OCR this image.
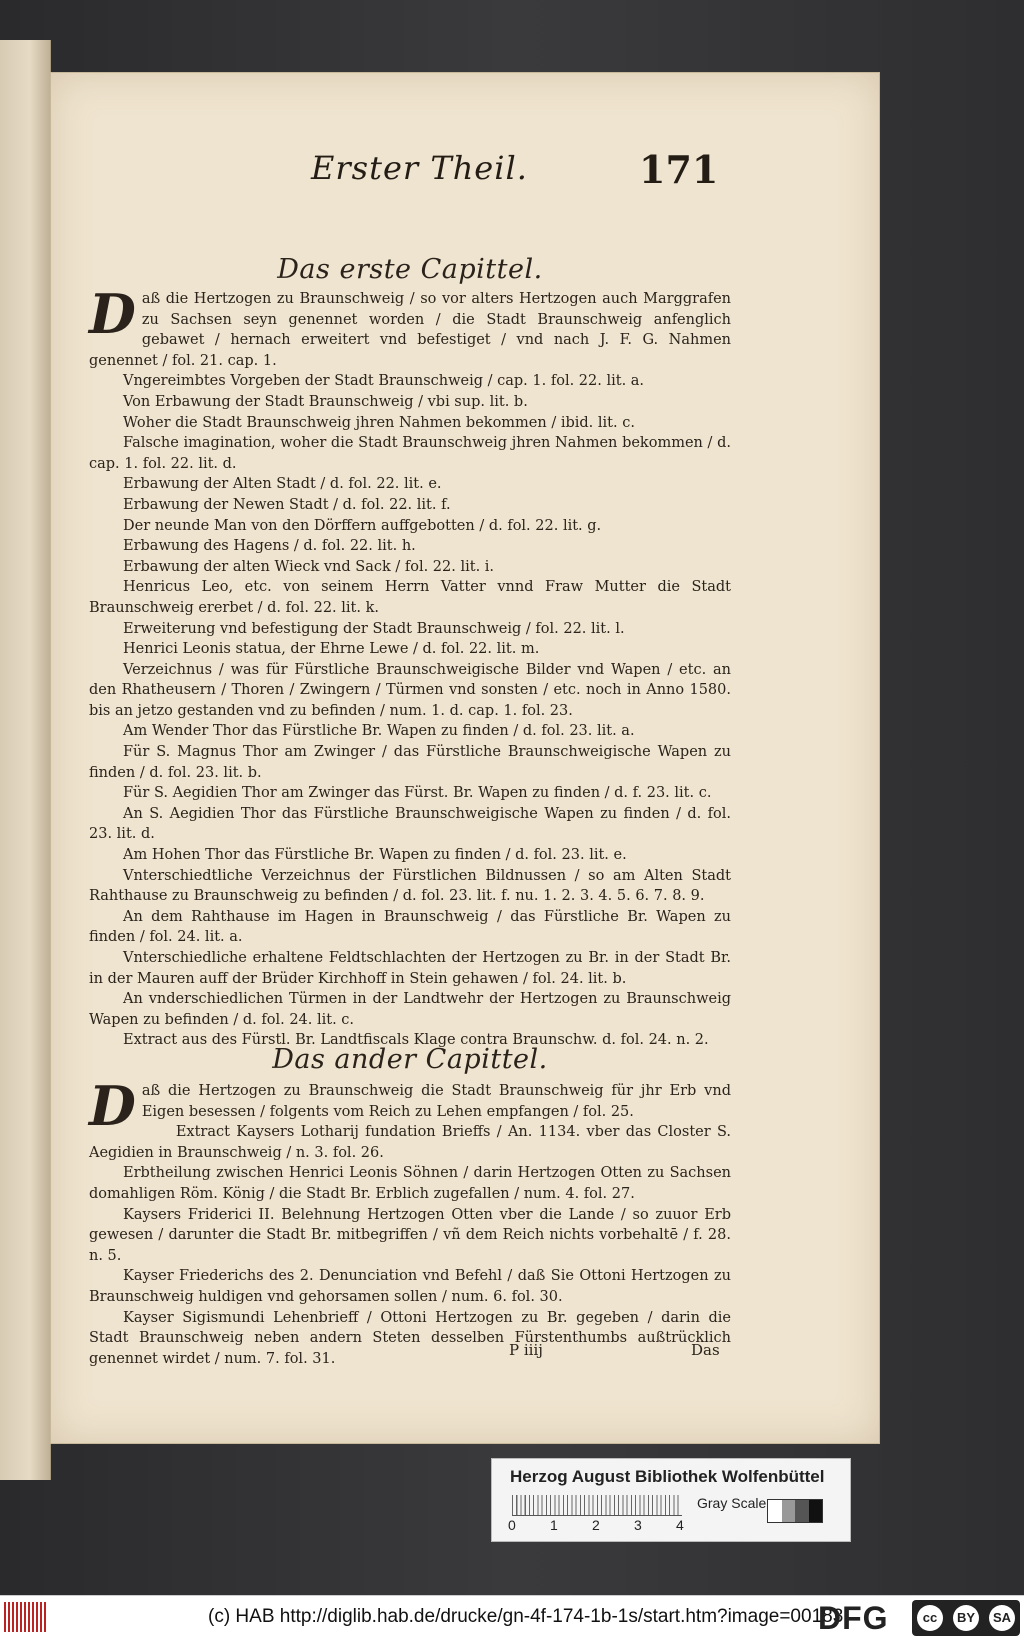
Erster Theil.	171
Das erste Capittel.

Daß die Hertzogen zu Braunschweig / so vor alters Hertzogen auch Marggrafen zu Sachsen seyn genennet worden / die Stadt Braunschweig anfenglich gebawet / hernach erweitert vnd befestiget / vnd nach J. F. G. Nahmen genennet / fol. 21. cap. 1.

Vngereimbtes Vorgeben der Stadt Braunschweig / cap. 1. fol. 22. lit. a.

Von Erbawung der Stadt Braunschweig / vbi sup. lit. b.

Woher die Stadt Braunschweig jhren Nahmen bekommen / ibid. lit. c.

Falsche imagination, woher die Stadt Braunschweig jhren Nahmen bekommen / d. cap. 1. fol. 22. lit. d.

Erbawung der Alten Stadt / d. fol. 22. lit. e.

Erbawung der Newen Stadt / d. fol. 22. lit. f.

Der neunde Man von den Dörffern auffgebotten / d. fol. 22. lit. g.

Erbawung des Hagens / d. fol. 22. lit. h.

Erbawung der alten Wieck vnd Sack / fol. 22. lit. i.

Henricus Leo, etc. von seinem Herrn Vatter vnnd Fraw Mutter die Stadt Braunschweig ererbet / d. fol. 22. lit. k.

Erweiterung vnd befestigung der Stadt Braunschweig / fol. 22. lit. l.

Henrici Leonis statua, der Ehrne Lewe / d. fol. 22. lit. m.

Verzeichnus / was für Fürstliche Braunschweigische Bilder vnd Wapen / etc. an den Rhatheusern / Thoren / Zwingern / Türmen vnd sonsten / etc. noch in Anno 1580. bis an jetzo gestanden vnd zu befinden / num. 1. d. cap. 1. fol. 23.

Am Wender Thor das Fürstliche Br. Wapen zu finden / d. fol. 23. lit. a.

Für S. Magnus Thor am Zwinger / das Fürstliche Braunschweigische Wapen zu finden / d. fol. 23. lit. b.

Für S. Aegidien Thor am Zwinger das Fürst. Br. Wapen zu finden / d. f. 23. lit. c.

An S. Aegidien Thor das Fürstliche Braunschweigische Wapen zu finden / d. fol. 23. lit. d.

Am Hohen Thor das Fürstliche Br. Wapen zu finden / d. fol. 23. lit. e.

Vnterschiedtliche Verzeichnus der Fürstlichen Bildnussen / so am Alten Stadt Rahthause zu Braunschweig zu befinden / d. fol. 23. lit. f. nu. 1. 2. 3. 4. 5. 6. 7. 8. 9.

An dem Rahthause im Hagen in Braunschweig / das Fürstliche Br. Wapen zu finden / fol. 24. lit. a.

Vnterschiedliche erhaltene Feldtschlachten der Hertzogen zu Br. in der Stadt Br. in der Mauren auff der Brüder Kirchhoff in Stein gehawen / fol. 24. lit. b.

An vnderschiedlichen Türmen in der Landtwehr der Hertzogen zu Braunschweig Wapen zu befinden / d. fol. 24. lit. c.

Extract aus des Fürstl. Br. Landtfiscals Klage contra Braunschw. d. fol. 24. n. 2.

Das ander Capittel.

Daß die Hertzogen zu Braunschweig die Stadt Braunschweig für jhr Erb vnd Eigen besessen / folgents vom Reich zu Lehen empfangen / fol. 25.

Extract Kaysers Lotharij fundation Brieffs / An. 1134. vber das Closter S. Aegidien in Braunschweig / n. 3. fol. 26.

Erbtheilung zwischen Henrici Leonis Söhnen / darin Hertzogen Otten zu Sachsen domahligen Röm. König / die Stadt Br. Erblich zugefallen / num. 4. fol. 27.

Kaysers Friderici II. Belehnung Hertzogen Otten vber die Lande / so zuuor Erb gewesen / darunter die Stadt Br. mitbegriffen / vñ dem Reich nichts vorbehaltē / f. 28. n. 5.

Kayser Friederichs des 2. Denunciation vnd Befehl / daß Sie Ottoni Hertzogen zu Braunschweig huldigen vnd gehorsamen sollen / num. 6. fol. 30.

Kayser Sigismundi Lehenbrieff / Ottoni Hertzogen zu Br. gegeben / darin die Stadt Braunschweig neben andern Steten desselben Fürstenthumbs außtrücklich genennet wirdet / num. 7. fol. 31.	P iiij	Das
Herzog August Bibliothek Wolfenbüttel
0 1 2 3 4
Gray Scale
(c) HAB http://diglib.hab.de/drucke/gn-4f-174-1b-1s/start.htm?image=00183
DFG	cc	BY	SA
